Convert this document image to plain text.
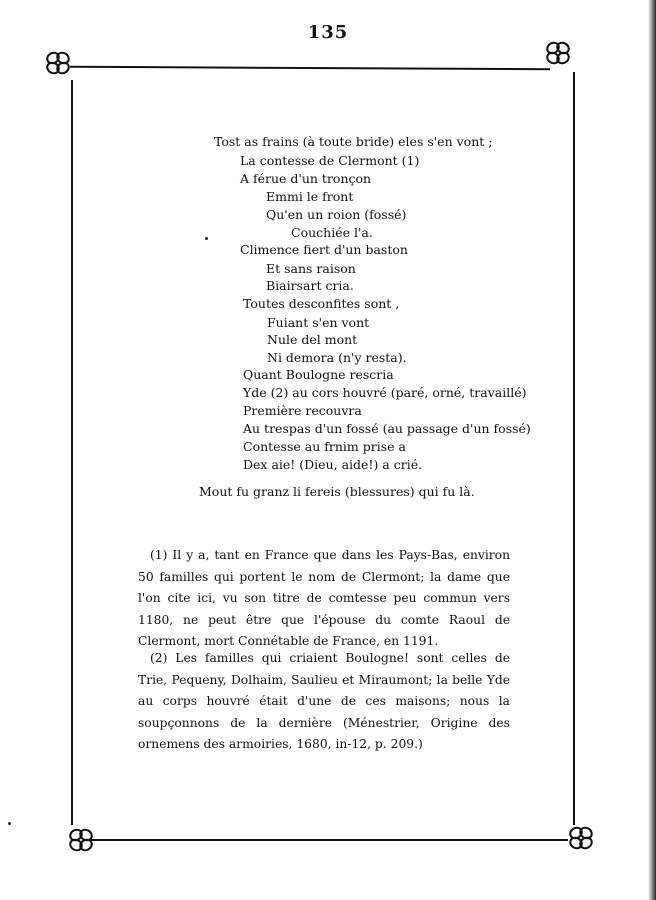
135
Tost as frains (à toute bride) eles s'en vont ;
La contesse de Clermont (1)
A férue d'un tronçon
Emmi le front
Qu'en un roion (fossé)
Couchiée l'a.
Climence fiert d'un baston
Et sans raison
Biairsart cria.
Toutes desconfites sont ,
Fuiant s'en vont
Nule del mont
Ni demora (n'y resta).
Quant Boulogne rescria
Yde (2) au cors houvré (paré, orné, travaillé)
Première recouvra
Au trespas d'un fossé (au passage d'un fossé)
Contesse au frnim prise a
Dex aie! (Dieu, aide!) a crié.
Mout fu granz li fereis (blessures) qui fu là.
(1) Il y a, tant en France que dans les Pays-Bas, environ 50 familles qui portent le nom de Clermont; la dame que l'on cite ici, vu son titre de comtesse peu commun vers 1180, ne peut être que l'épouse du comte Raoul de Clermont, mort Connétable de France, en 1191.
(2) Les familles qui criaient Boulogne! sont celles de Trie, Pequeny, Dolhaim, Saulieu et Miraumont; la belle Yde au corps houvré était d'une de ces maisons; nous la soupçonnons de la dernière (Ménestrier, Origine des ornemens des armoiries, 1680, in-12, p. 209.)
